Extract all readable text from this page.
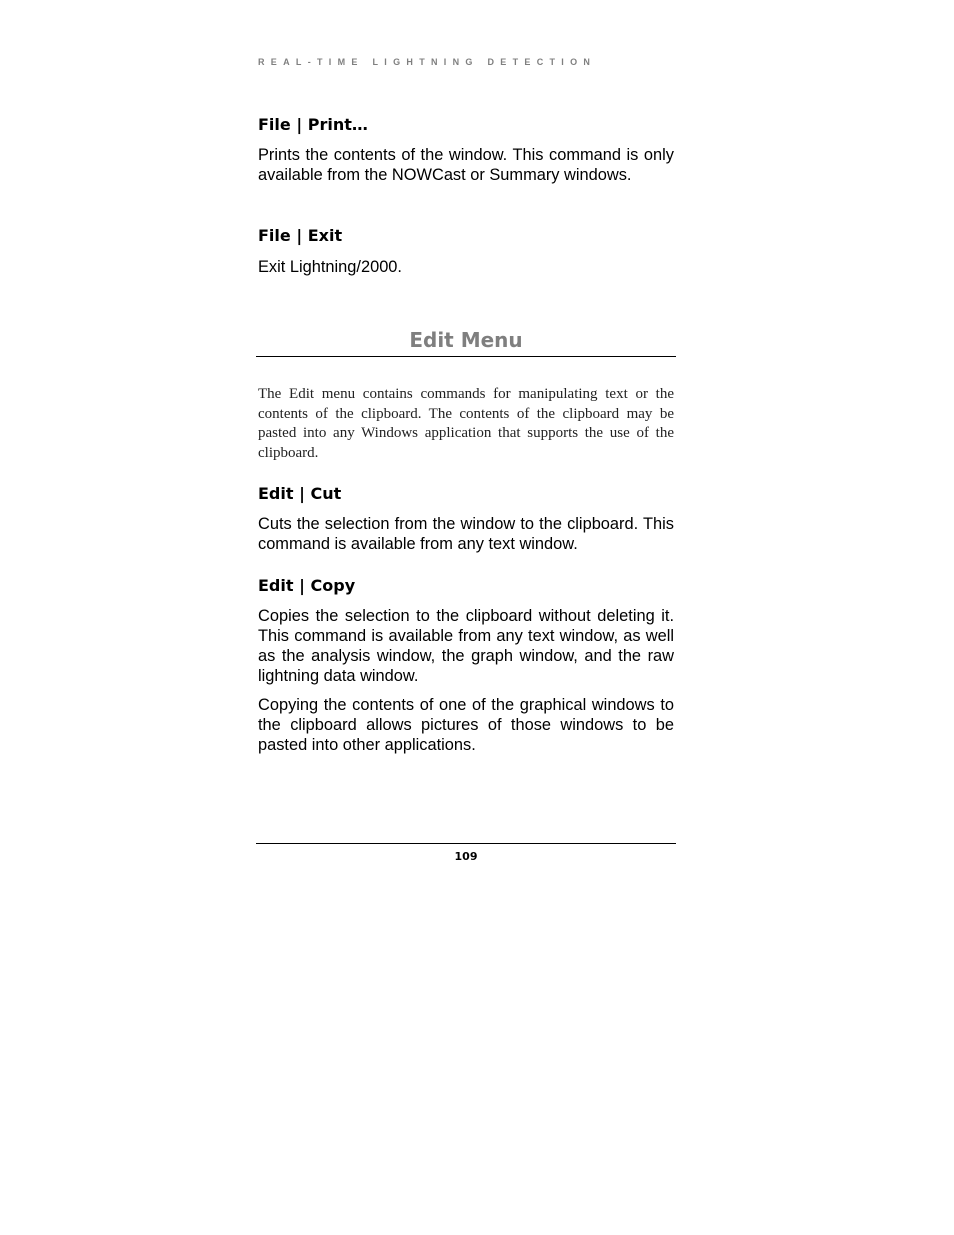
REAL-TIME LIGHTNING DETECTION
File | Print…

Prints the contents of the window. This command is only available from the NOWCast or Summary windows.

File | Exit

Exit Lightning/2000.

The Edit menu contains commands for manipulating text or the contents of the clipboard. The contents of the clipboard may be pasted into any Windows application that supports the use of the clipboard.

Edit | Cut

Cuts the selection from the window to the clipboard. This command is available from any text window.

Edit | Copy

Copies the selection to the clipboard without deleting it. This command is available from any text window, as well as the analysis window, the graph window, and the raw lightning data window.

Copying the contents of one of the graphical windows to the clipboard allows pictures of those windows to be pasted into other applications.

Edit Menu
109
